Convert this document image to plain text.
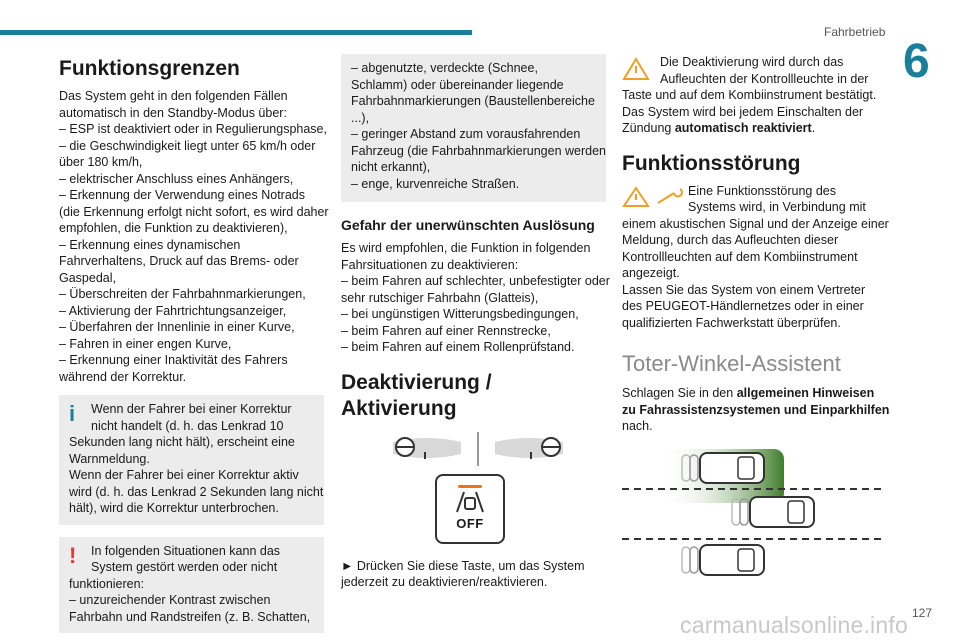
Fahrbetrieb
6
Funktionsgrenzen
Das System geht in den folgenden Fällen
automatisch in den Standby-Modus über:
– ESP ist deaktiviert oder in Regulierungsphase,
– die Geschwindigkeit liegt unter 65 km/h oder
über 180 km/h,
– elektrischer Anschluss eines Anhängers,
– Erkennung der Verwendung eines Notrads
(die Erkennung erfolgt nicht sofort, es wird daher
empfohlen, die Funktion zu deaktivieren),
– Erkennung eines dynamischen
Fahrverhaltens, Druck auf das Brems- oder
Gaspedal,
– Überschreiten der Fahrbahnmarkierungen,
– Aktivierung der Fahrtrichtungsanzeiger,
– Überfahren der Innenlinie in einer Kurve,
– Fahren in einer engen Kurve,
– Erkennung einer Inaktivität des Fahrers
während der Korrektur.
i	Wenn der Fahrer bei einer Korrektur
nicht handelt (d. h. das Lenkrad 10
Sekunden lang nicht hält), erscheint eine
Warnmeldung.
Wenn der Fahrer bei einer Korrektur aktiv
wird (d. h. das Lenkrad 2 Sekunden lang nicht
hält), wird die Korrektur unterbrochen.
!	In folgenden Situationen kann das
System gestört werden oder nicht
funktionieren:
– unzureichender Kontrast zwischen
Fahrbahn und Randstreifen (z. B. Schatten,
– abgenutzte, verdeckte (Schnee,
Schlamm) oder übereinander liegende
Fahrbahnmarkierungen (Baustellenbereiche
...),
– geringer Abstand zum vorausfahrenden
Fahrzeug (die Fahrbahnmarkierungen werden
nicht erkannt),
– enge, kurvenreiche Straßen.
Gefahr der unerwünschten Auslösung
Es wird empfohlen, die Funktion in folgenden
Fahrsituationen zu deaktivieren:
– beim Fahren auf schlechter, unbefestigter oder
sehr rutschiger Fahrbahn (Glatteis),
– bei ungünstigen Witterungsbedingungen,
– beim Fahren auf einer Rennstrecke,
– beim Fahren auf einem Rollenprüfstand.
Deaktivierung / Aktivierung
OFF
► Drücken Sie diese Taste, um das System
jederzeit zu deaktivieren/reaktivieren.
Die Deaktivierung wird durch das
Aufleuchten der Kontrollleuchte in der
Taste und auf dem Kombiinstrument bestätigt.
Das System wird bei jedem Einschalten der
Zündung automatisch reaktiviert.
Funktionsstörung
Eine Funktionsstörung des
Systems wird, in Verbindung mit
einem akustischen Signal und der Anzeige einer
Meldung, durch das Aufleuchten dieser
Kontrollleuchten auf dem Kombiinstrument
angezeigt.
Lassen Sie das System von einem Vertreter
des PEUGEOT-Händlernetzes oder in einer
qualifizierten Fachwerkstatt überprüfen.
Toter-Winkel-Assistent
Schlagen Sie in den allgemeinen Hinweisen
zu Fahrassistenzsystemen und Einparkhilfen
nach.
carmanualsonline.info 127
